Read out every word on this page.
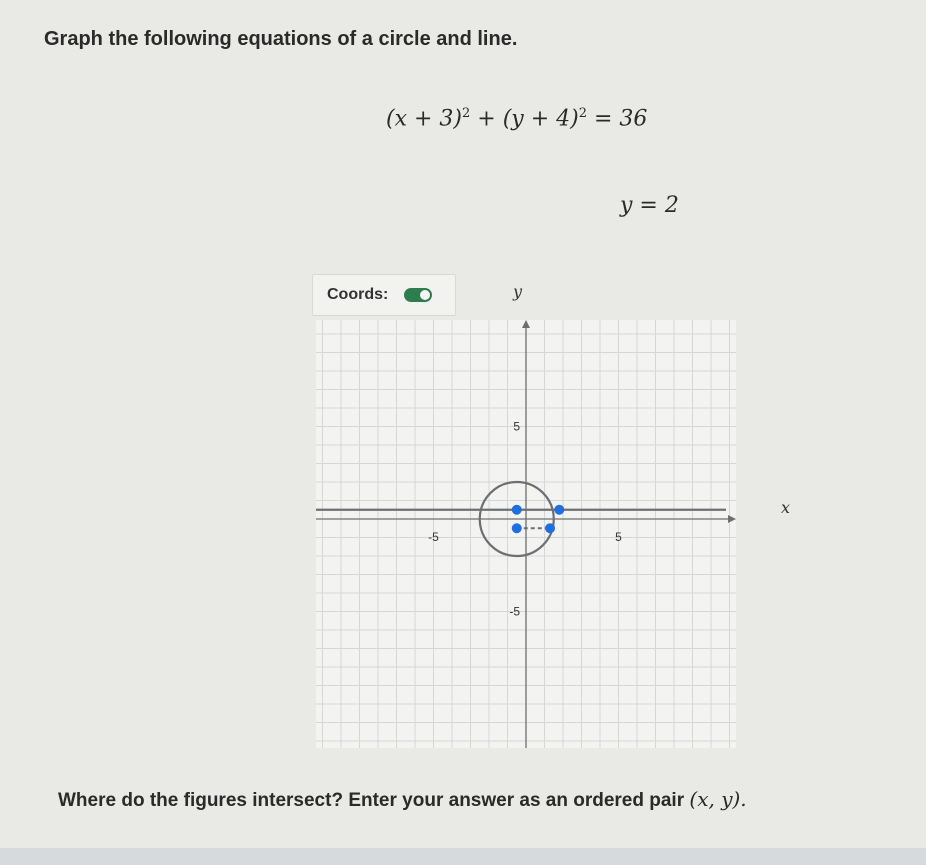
Graph the following equations of a circle and line.
$(x + 3)^2 + (y + 4)^2 = 36$
y = 2
Coords:	y
x
-5	5
5
-5
Where do the figures intersect? Enter your answer as an ordered pair (x, y).
